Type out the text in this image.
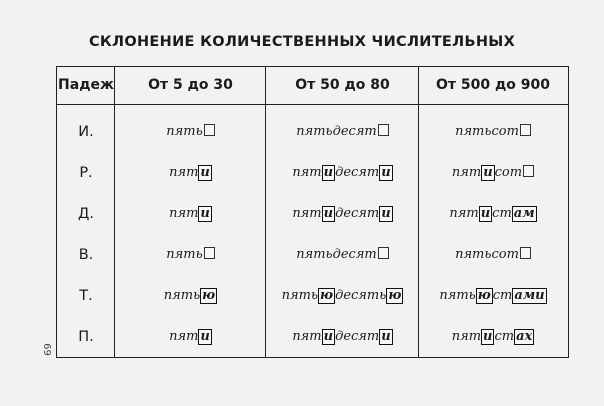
СКЛОНЕНИЕ КОЛИЧЕСТВЕННЫХ ЧИСЛИТЕЛЬНЫХ
Падеж	От 5 до 30	От 50 до 80	От 500 до 900
И.	пять	пятьдесят	пятьсот
Р.	пят и	пят и десят и	пят и сот
Д.	пят и	пят и десят и	пят и ст ам
В.	пять	пятьдесят	пятьсот
Т.	пять ю	пять ю десять ю	пять ю ст ами
П.	пят и	пят и десят и	пят и ст ах
69
